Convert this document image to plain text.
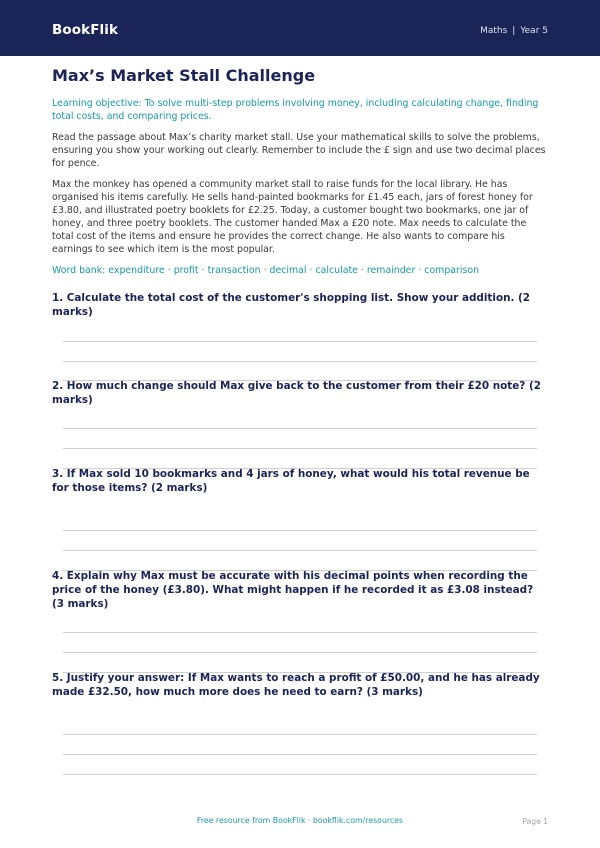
BookFlik	Maths | Year 5
Max’s Market Stall Challenge

Learning objective: To solve multi-step problems involving money, including calculating change, finding total costs, and comparing prices.

Read the passage about Max’s charity market stall. Use your mathematical skills to solve the problems, ensuring you show your working out clearly. Remember to include the £ sign and use two decimal places for pence.

Max the monkey has opened a community market stall to raise funds for the local library. He has organised his items carefully. He sells hand-painted bookmarks for £1.45 each, jars of forest honey for £3.80, and illustrated poetry booklets for £2.25. Today, a customer bought two bookmarks, one jar of honey, and three poetry booklets. The customer handed Max a £20 note. Max needs to calculate the total cost of the items and ensure he provides the correct change. He also wants to compare his earnings to see which item is the most popular.

Word bank: expenditure · profit · transaction · decimal · calculate · remainder · comparison

1. Calculate the total cost of the customer's shopping list. Show your addition. (2 marks)
2. How much change should Max give back to the customer from their £20 note? (2 marks)
3. If Max sold 10 bookmarks and 4 jars of honey, what would his total revenue be for those items? (2 marks)
4. Explain why Max must be accurate with his decimal points when recording the price of the honey (£3.80). What might happen if he recorded it as £3.08 instead? (3 marks)
5. Justify your answer: If Max wants to reach a profit of £50.00, and he has already made £32.50, how much more does he need to earn? (3 marks)
Free resource from BookFlik · bookflik.com/resources	Page 1
